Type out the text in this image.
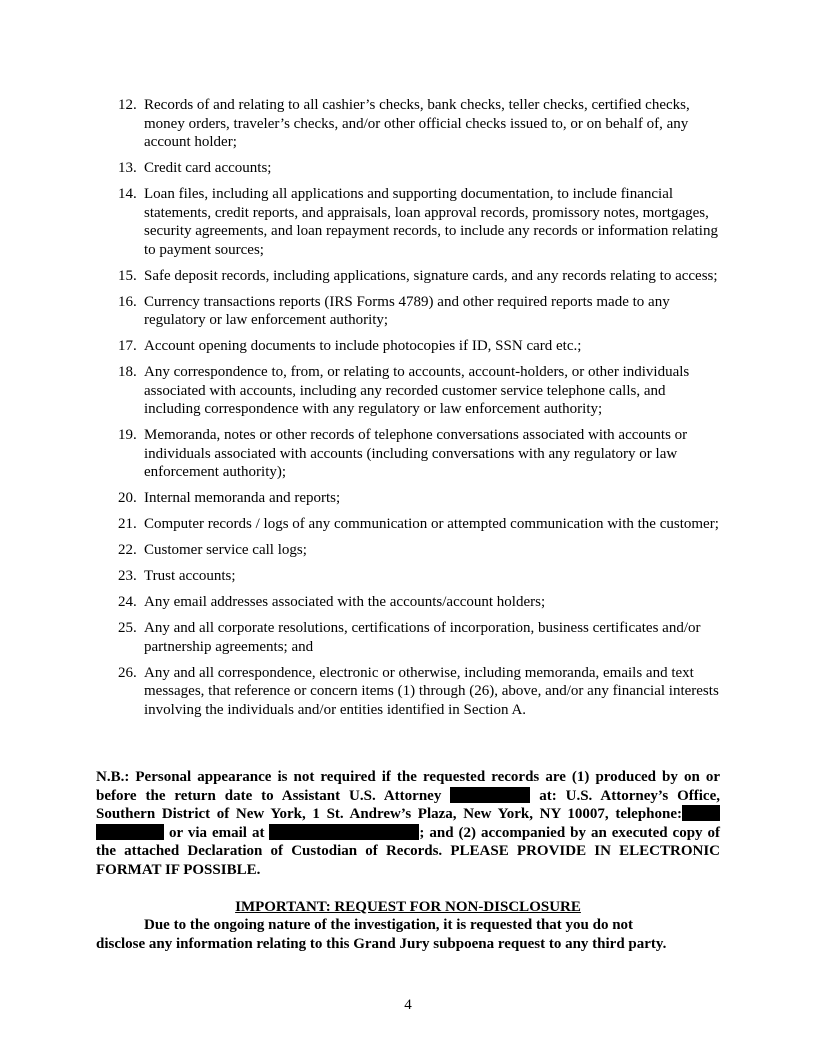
12. Records of and relating to all cashier’s checks, bank checks, teller checks, certified checks, money orders, traveler’s checks, and/or other official checks issued to, or on behalf of, any account holder;
13. Credit card accounts;
14. Loan files, including all applications and supporting documentation, to include financial statements, credit reports, and appraisals, loan approval records, promissory notes, mortgages, security agreements, and loan repayment records, to include any records or information relating to payment sources;
15. Safe deposit records, including applications, signature cards, and any records relating to access;
16. Currency transactions reports (IRS Forms 4789) and other required reports made to any regulatory or law enforcement authority;
17. Account opening documents to include photocopies if ID, SSN card etc.;
18. Any correspondence to, from, or relating to accounts, account-holders, or other individuals associated with accounts, including any recorded customer service telephone calls, and including correspondence with any regulatory or law enforcement authority;
19. Memoranda, notes or other records of telephone conversations associated with accounts or individuals associated with accounts (including conversations with any regulatory or law enforcement authority);
20. Internal memoranda and reports;
21. Computer records / logs of any communication or attempted communication with the customer;
22. Customer service call logs;
23. Trust accounts;
24. Any email addresses associated with the accounts/account holders;
25. Any and all corporate resolutions, certifications of incorporation, business certificates and/or partnership agreements; and
26. Any and all correspondence, electronic or otherwise, including memoranda, emails and text messages, that reference or concern items (1) through (26), above, and/or any financial interests involving the individuals and/or entities identified in Section A.
N.B.: Personal appearance is not required if the requested records are (1) produced by on or before the return date to Assistant U.S. Attorney	at: U.S. Attorney’s Office, Southern District of New York, 1 St. Andrew’s Plaza, New York, NY 10007, telephone:  or via email at	; and (2) accompanied by an executed copy of the attached Declaration of Custodian of Records. PLEASE PROVIDE IN ELECTRONIC FORMAT IF POSSIBLE.
IMPORTANT: REQUEST FOR NON-DISCLOSURE
Due to the ongoing nature of the investigation, it is requested that you do not
disclose any information relating to this Grand Jury subpoena request to any third party.
4
